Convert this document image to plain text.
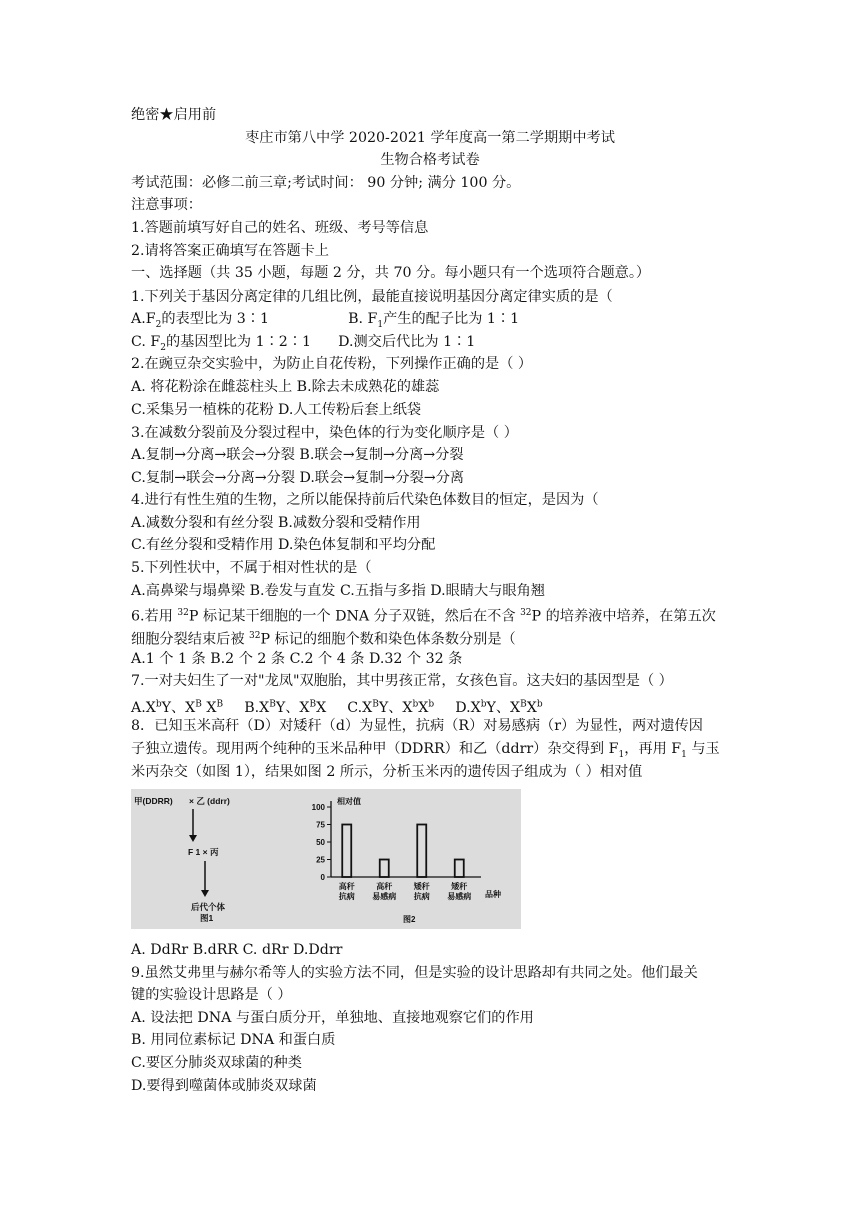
绝密★启用前
枣庄市第八中学 2020-2021 学年度高一第二学期期中考试
生物合格考试卷
考试范围：必修二前三章;考试时间： 90 分钟; 满分 100 分。
注意事项：
1.答题前填写好自己的姓名、班级、考号等信息
2.请将答案正确填写在答题卡上
一、选择题（共 35 小题，每题 2 分，共 70 分。每小题只有一个选项符合题意。）
1.下列关于基因分离定律的几组比例，最能直接说明基因分离定律实质的是（
$A.F_2$的表型比为 3∶1	B. $F_1$产生的配子比为 1∶1
C. $F_2$的基因型比为 1∶2∶1 D.测交后代比为 1∶1
2.在豌豆杂交实验中，为防止自花传粉，下列操作正确的是（ ）
A. 将花粉涂在雌蕊柱头上 B.除去未成熟花的雄蕊
C.采集另一植株的花粉 D.人工传粉后套上纸袋
3.在减数分裂前及分裂过程中，染色体的行为变化顺序是（ ）
A.复制→分离→联会→分裂 B.联会→复制→分离→分裂
C.复制→联会→分离→分裂 D.联会→复制→分裂→分离
4.进行有性生殖的生物，之所以能保持前后代染色体数目的恒定，是因为（
A.减数分裂和有丝分裂 B.减数分裂和受精作用
C.有丝分裂和受精作用 D.染色体复制和平均分配
5.下列性状中，不属于相对性状的是（
A.高鼻梁与塌鼻梁 B.卷发与直发 C.五指与多指 D.眼睛大与眼角翘
6.若用 $^{32}$P 标记某干细胞的一个 DNA 分子双链，然后在不含 $^{32}$P 的培养液中培养，在第五次
细胞分裂结束后被 $^{32}$P 标记的细胞个数和染色体条数分别是（
A.1 个 1 条 B.2 个 2 条 C.2 个 4 条 D.32 个 32 条
7.一对夫妇生了一对"龙凤"双胞胎，其中男孩正常，女孩色盲。这夫妇的基因型是（ ）
$A.X^bY$、$X^B$ $X^B$ $B.X^BY$、$X^BX$ $C.X^BY$、$X^bX^b$ $D.X^bY$、$X^BX^b$
8．已知玉米高秆（D）对矮秆（d）为显性，抗病（R）对易感病（r）为显性，两对遗传因
子独立遗传。现用两个纯种的玉米品种甲（DDRR）和乙（ddrr）杂交得到 $F_1$，再用 $F_1$ 与玉
米丙杂交（如图 1），结果如图 2 所示，分析玉米丙的遗传因子组成为（ ）相对值
甲(DDRR) × 乙 (ddrr)
F 1 × 丙
后代个体
图1
相对值
品种
图2
0
25
50
75
100
高秆
抗病
高秆
易感病
矮秆
抗病
矮秆
易感病
A. DdRr B.dRR C. dRr D.Ddrr
9.虽然艾弗里与赫尔希等人的实验方法不同，但是实验的设计思路却有共同之处。他们最关
键的实验设计思路是（ ）
A. 设法把 DNA 与蛋白质分开，单独地、直接地观察它们的作用
B. 用同位素标记 DNA 和蛋白质
C.要区分肺炎双球菌的种类
D.要得到噬菌体或肺炎双球菌
